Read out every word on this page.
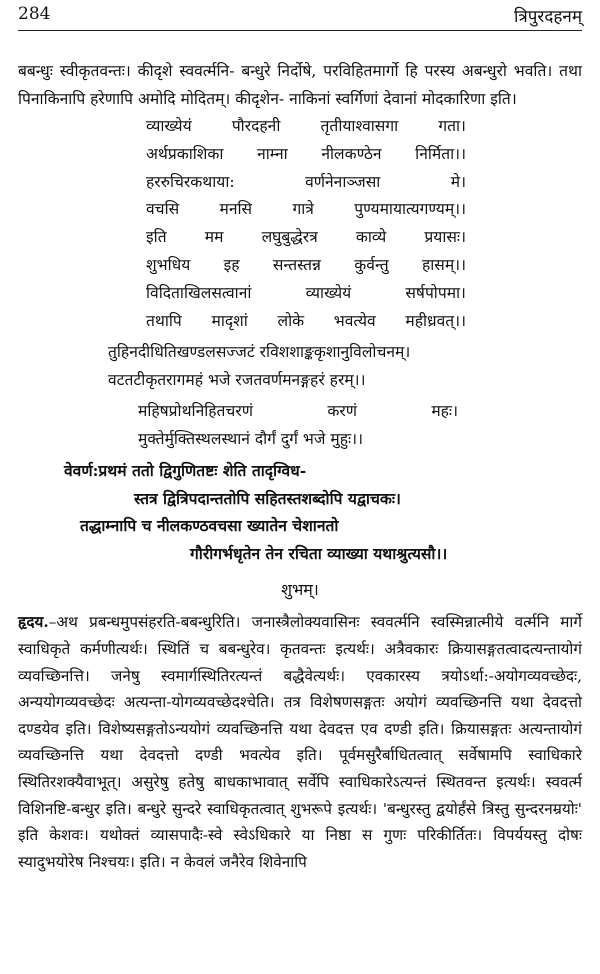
284	त्रिपुरदहनम्

बबन्धुः स्वीकृतवन्तः। कीदृशे स्ववर्त्मनि- बन्धुरे निर्दोषे, परविहितमार्गो हि परस्य अबन्धुरो भवति। तथा पिनाकिनापि हरेणापि अमोदि मोदितम्। कीदृशेन- नाकिनां स्वर्गिणां देवानां मोदकारिणा इति।

व्याख्येयं	पौरदहनी	तृतीयाश्वासगा	गता।
अर्थप्रकाशिका नाम्ना नीलकण्ठेन निर्मिता।।
हररुचिरकथाया:	वर्णनेनाञ्जसा	मे।
वचसि	मनसि	गात्रे	पुण्यमायात्यगण्यम्।।
इति मम लघुबुद्धेरत्र काव्ये प्रयासः।
शुभधिय इह सन्तस्तन्न कुर्वन्तु हासम्।।
विदिताखिलसत्वानां	व्याख्येयं	सर्षपोपमा।
तथापि मादृशां लोके भवत्येव महीध्रवत्।।
तुहिनदीधितिखण्डलसज्जटं रविशशाङ्ककृशानुविलोचनम्।
वटतटीकृतरागमहं भजे रजतवर्णमनङ्गहरं हरम्।।
महिषप्रोथनिहितचरणं	करणं	महः।
मुक्तेर्मुक्तिस्थलस्थानं दौर्गं दुर्गं भजे मुहुः।।
वेवर्ण:प्रथमं ततो द्विगुणितष्टः शेति तादृग्विध-
स्तत्र द्वित्रिपदान्ततोपि सहितस्तशब्दोपि यद्वाचकः।
तद्धाम्नापि च नीलकण्ठवचसा ख्यातेन चेशानतो
गौरीगर्भधृतेन तेन रचिता व्याख्या यथाश्रुत्यसौ।।
शुभम्।

हृदय.–अथ प्रबन्धमुपसंहरति-बबन्धुरिति। जनास्त्रैलोक्यवासिनः स्ववर्त्मनि स्वस्मिन्नात्मीये वर्त्मनि मार्गे स्वाधिकृते कर्मणीत्यर्थः। स्थितिं च बबन्धुरेव। कृतवन्तः इत्यर्थः। अत्रैवकारः क्रियासङ्गतत्वादत्यन्तायोगं व्यवच्छिनत्ति। जनेषु स्वमार्गस्थितिरत्यन्तं बद्धैवेत्यर्थः। एवकारस्य त्रयोऽर्था:-अयोगव्यवच्छेदः, अन्ययोगव्यवच्छेदः अत्यन्ता-योगव्यवच्छेदश्चेति। तत्र विशेषणसङ्गतः अयोगं व्यवच्छिनत्ति यथा देवदत्तो दण्डयेव इति। विशेष्यसङ्गतोऽन्ययोगं व्यवच्छिनत्ति यथा देवदत्त एव दण्डी इति। क्रियासङ्गतः अत्यन्तायोगं व्यवच्छिनत्ति यथा देवदत्तो दण्डी भवत्येव इति। पूर्वमसुरैर्बाधितत्वात् सर्वेषामपि स्वाधिकारे स्थितिरशक्यैवाभूत्। असुरेषु हतेषु बाधकाभावात् सर्वेपि स्वाधिकारेऽत्यन्तं स्थितवन्त इत्यर्थः। स्ववर्त्म विशिनष्टि-बन्धुर इति। बन्धुरे सुन्दरे स्वाधिकृतत्वात् शुभरूपे इत्यर्थः। 'बन्धुरस्तु द्वयोर्हंसे त्रिस्तु सुन्दरनम्रयोः' इति केशवः। यथोक्तं व्यासपादैः-स्वे स्वेऽधिकारे या निष्ठा स गुणः परिकीर्तितः। विपर्ययस्तु दोषः स्यादुभयोरेष निश्चयः। इति। न केवलं जनैरेव शिवेनापि
